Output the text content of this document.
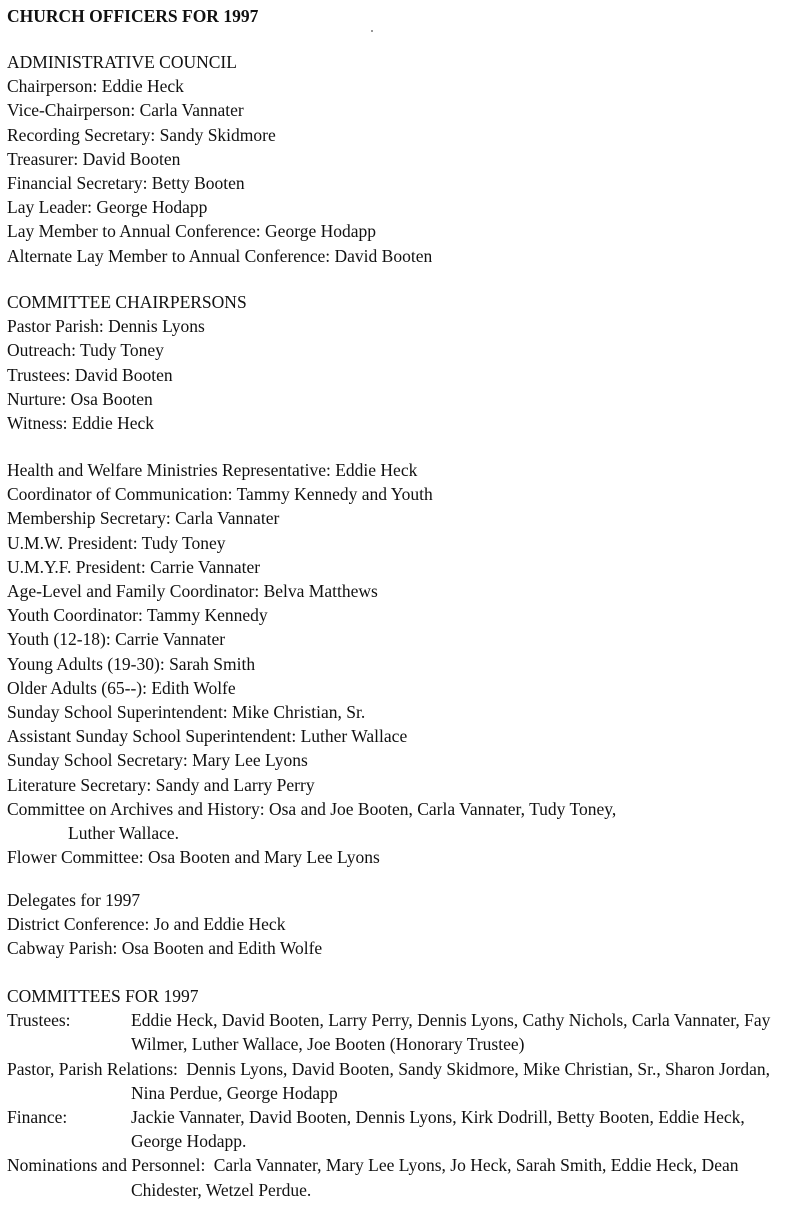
CHURCH OFFICERS FOR 1997
ADMINISTRATIVE COUNCIL
Chairperson: Eddie Heck
Vice-Chairperson: Carla Vannater
Recording Secretary: Sandy Skidmore
Treasurer: David Booten
Financial Secretary: Betty Booten
Lay Leader: George Hodapp
Lay Member to Annual Conference: George Hodapp
Alternate Lay Member to Annual Conference: David Booten
COMMITTEE CHAIRPERSONS
Pastor Parish: Dennis Lyons
Outreach: Tudy Toney
Trustees: David Booten
Nurture: Osa Booten
Witness: Eddie Heck
Health and Welfare Ministries Representative: Eddie Heck
Coordinator of Communication: Tammy Kennedy and Youth
Membership Secretary: Carla Vannater
U.M.W. President: Tudy Toney
U.M.Y.F. President: Carrie Vannater
Age-Level and Family Coordinator: Belva Matthews
Youth Coordinator: Tammy Kennedy
Youth (12-18): Carrie Vannater
Young Adults (19-30): Sarah Smith
Older Adults (65--): Edith Wolfe
Sunday School Superintendent: Mike Christian, Sr.
Assistant Sunday School Superintendent: Luther Wallace
Sunday School Secretary: Mary Lee Lyons
Literature Secretary: Sandy and Larry Perry
Committee on Archives and History: Osa and Joe Booten, Carla Vannater, Tudy Toney,
Luther Wallace.
Flower Committee: Osa Booten and Mary Lee Lyons
Delegates for 1997
District Conference: Jo and Eddie Heck
Cabway Parish: Osa Booten and Edith Wolfe
COMMITTEES FOR 1997
Trustees:	Eddie Heck, David Booten, Larry Perry, Dennis Lyons, Cathy Nichols, Carla Vannater, Fay Wilmer, Luther Wallace, Joe Booten (Honorary Trustee)
Pastor, Parish Relations: Dennis Lyons, David Booten, Sandy Skidmore, Mike Christian, Sr., Sharon Jordan, Nina Perdue, George Hodapp
Finance:	Jackie Vannater, David Booten, Dennis Lyons, Kirk Dodrill, Betty Booten, Eddie Heck, George Hodapp.
Nominations and Personnel: Carla Vannater, Mary Lee Lyons, Jo Heck, Sarah Smith, Eddie Heck, Dean Chidester, Wetzel Perdue.
